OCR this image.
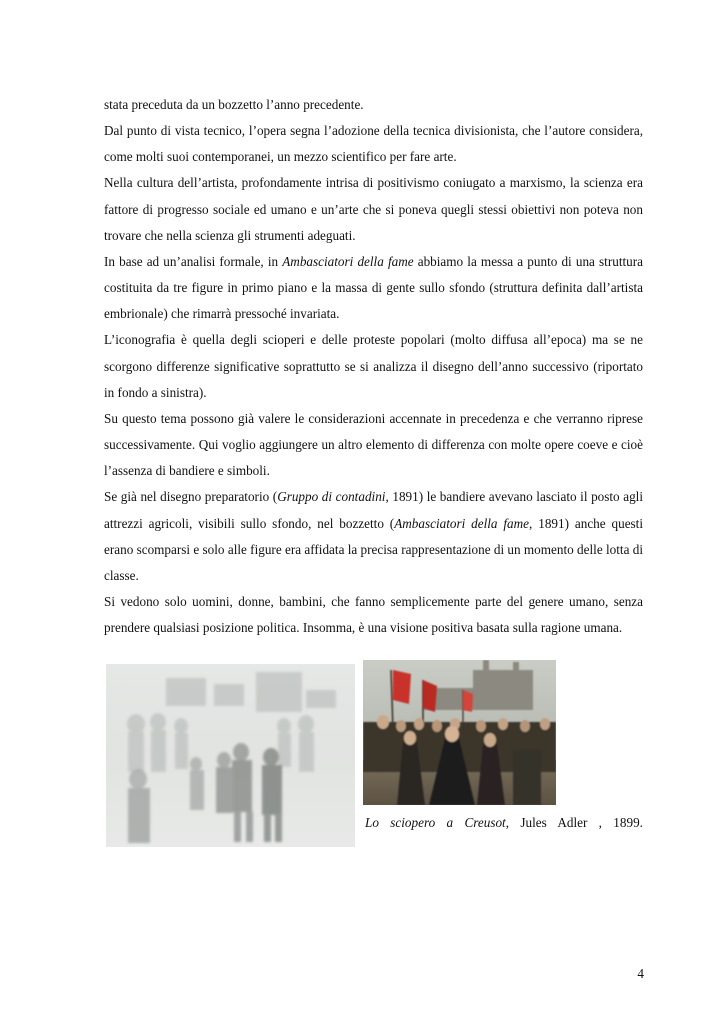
stata preceduta da un bozzetto l’anno precedente.

Dal punto di vista tecnico, l’opera segna l’adozione della tecnica divisionista, che l’autore considera, come molti suoi contemporanei, un mezzo scientifico per fare arte.

Nella cultura dell’artista, profondamente intrisa di positivismo coniugato a marxismo, la scienza era fattore di progresso sociale ed umano e un’arte che si poneva quegli stessi obiettivi non poteva non trovare che nella scienza gli strumenti adeguati.

In base ad un’analisi formale, in Ambasciatori della fame abbiamo la messa a punto di una struttura costituita da tre figure in primo piano e la massa di gente sullo sfondo (struttura definita dall’artista embrionale) che rimarrà pressoché invariata.

L’iconografia è quella degli scioperi e delle proteste popolari (molto diffusa all’epoca) ma se ne scorgono differenze significative soprattutto se si analizza il disegno dell’anno successivo (riportato in fondo a sinistra).

Su questo tema possono già valere le considerazioni accennate in precedenza e che verranno riprese successivamente. Qui voglio aggiungere un altro elemento di differenza con molte opere coeve e cioè l’assenza di bandiere e simboli.

Se già nel disegno preparatorio (Gruppo di contadini, 1891) le bandiere avevano lasciato il posto agli attrezzi agricoli, visibili sullo sfondo, nel bozzetto (Ambasciatori della fame, 1891) anche questi erano scomparsi e solo alle figure era affidata la precisa rappresentazione di un momento delle lotta di classe.

Si vedono solo uomini, donne, bambini, che fanno semplicemente parte del genere umano, senza prendere qualsiasi posizione politica. Insomma, è una visione positiva basata sulla ragione umana.

Lo sciopero a Creusot, Jules Adler , 1899.
4
